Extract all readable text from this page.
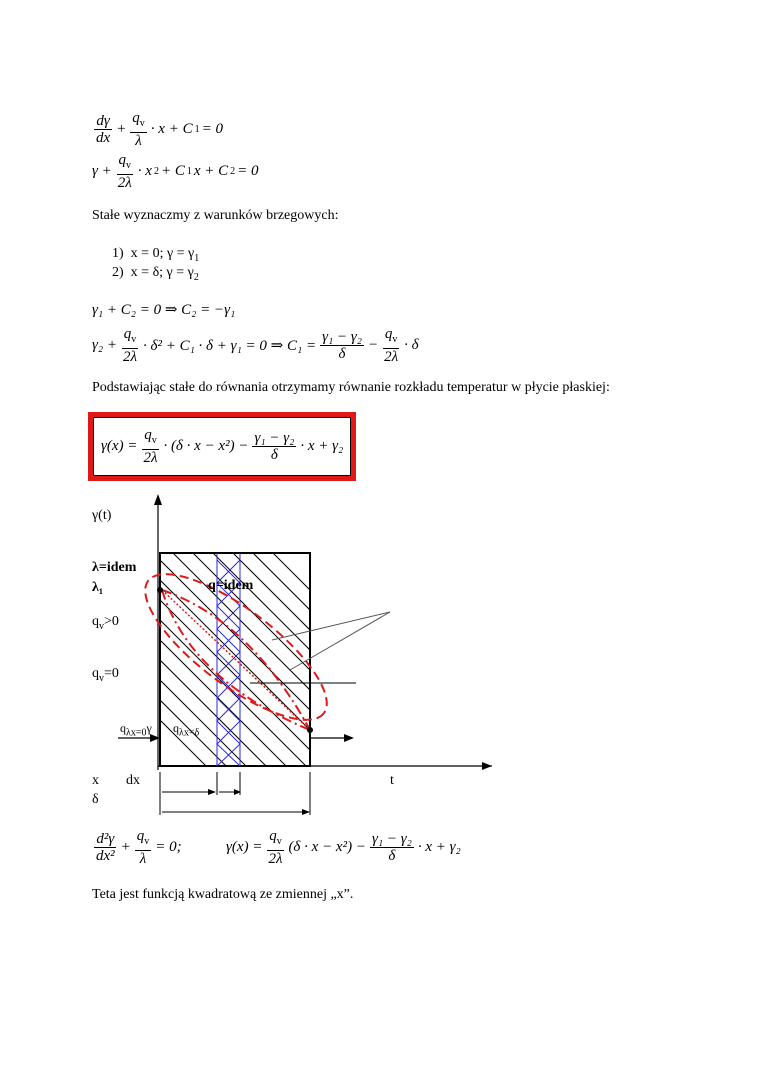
$\frac{d\gamma}{dx} + \frac{q_v}{\lambda} \cdot x + C$ 1 = 0
$\gamma + \frac{q_v}{2\lambda} \cdot x$ 2 + C 1 x + C 2 = 0
Stałe wyznaczmy z warunków brzegowych:
1) x = 0; $\gamma = \gamma_1$
2) x = δ; $\gamma = \gamma_2$
γ₁ + C₂ = 0 ⇒ C₂ = −γ₁
$\gamma_2 + \frac{q_v}{2\lambda} \cdot \delta^2 + C_1 \cdot \delta + \gamma_1 = 0$ ⇒ $C_1 = \frac{\text{γ₁ − γ₂}}{\delta} - \frac{q_v}{2\lambda} \cdot \delta$
Podstawiając stałe do równania otrzymamy równanie rozkładu temperatur w płycie płaskiej:
$\gamma(x) = \frac{q_v}{2\lambda} \cdot (\delta \cdot x - x^2) - \frac{\text{γ₁ − γ₂}}{\delta} \cdot x + \gamma_2$
γ(t)
λ=idem
λ₁	q=idem
$q_v>0$
$q_v=0$
$q_{\lambda x=0}\gamma$ $q_{\lambda x=\delta}$
x dx	t
δ
$\frac{\text{d²γ}}{\text{dx²}} + \frac{q_v}{\lambda} = 0$;	$\gamma(x) = \frac{q_v}{2\lambda} (\delta \cdot x - x^2) - \frac{\text{γ₁ − γ₂}}{\delta} \cdot x + \gamma_2$
Teta jest funkcją kwadratową ze zmiennej „x”.
